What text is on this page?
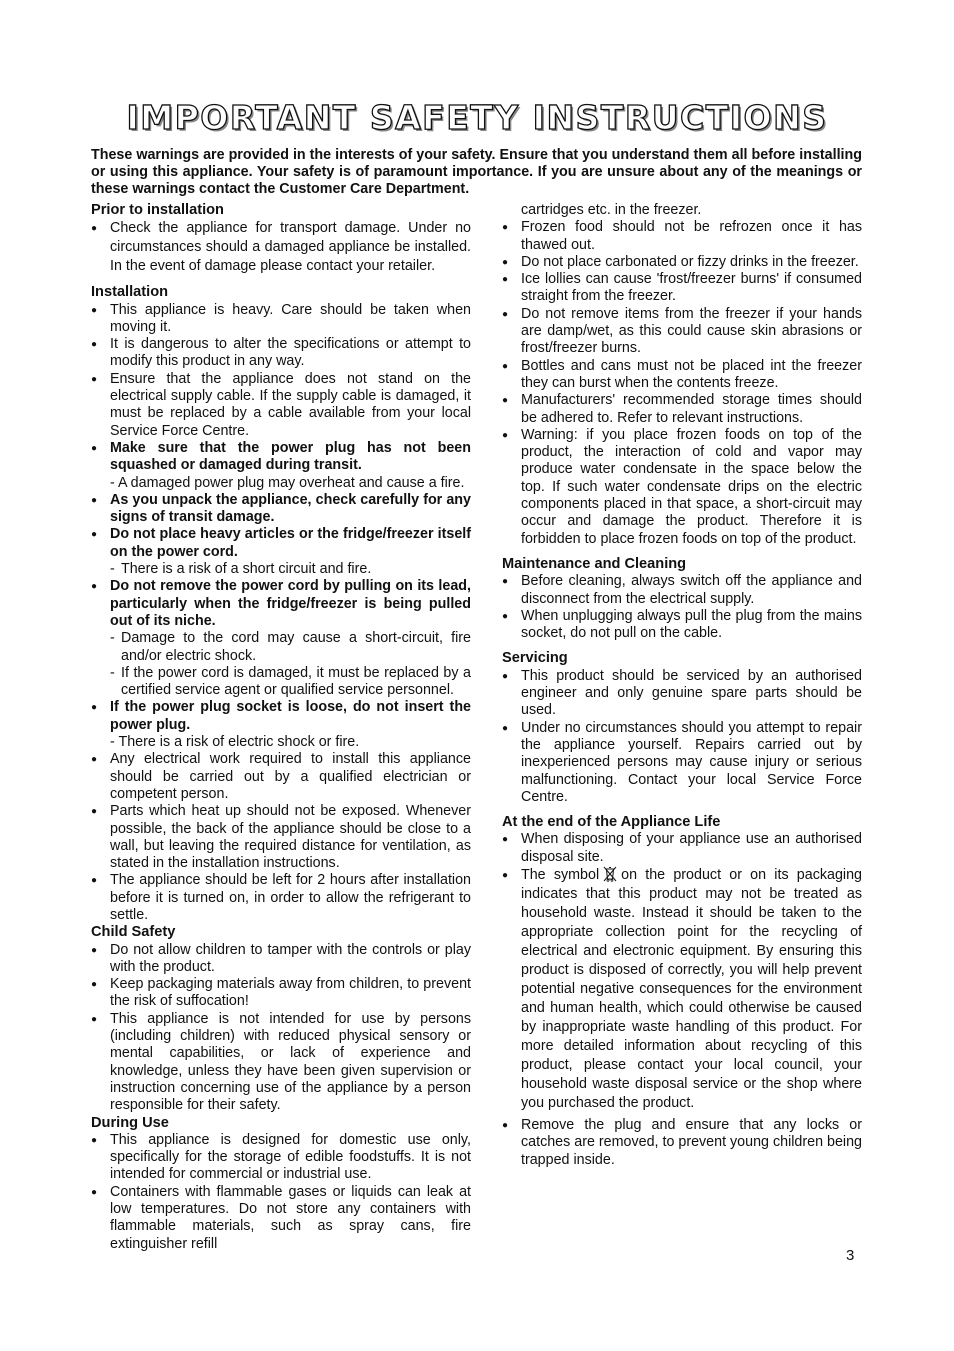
IMPORTANT SAFETY INSTRUCTIONS

These warnings are provided in the interests of your safety. Ensure that you understand them all before installing or using this appliance. Your safety is of paramount importance. If you are unsure about any of the meanings or these warnings contact the Customer Care Department.

Prior to installation

● Check the appliance for transport damage. Under no circumstances should a damaged appliance be installed. In the event of damage please contact your retailer.

Installation

● This appliance is heavy. Care should be taken when moving it.
● It is dangerous to alter the specifications or attempt to modify this product in any way.
● Ensure that the appliance does not stand on the electrical supply cable. If the supply cable is damaged, it must be replaced by a cable available from your local Service Force Centre.
● Make sure that the power plug has not been squashed or damaged during transit.
- A damaged power plug may overheat and cause a fire.
● As you unpack the appliance, check carefully for any signs of transit damage.
● Do not place heavy articles or the fridge/freezer itself on the power cord.
- There is a risk of a short circuit and fire.
● Do not remove the power cord by pulling on its lead, particularly when the fridge/freezer is being pulled out of its niche.
- Damage to the cord may cause a short-circuit, fire and/or electric shock.
- If the power cord is damaged, it must be replaced by a certified service agent or qualified service personnel.
● If the power plug socket is loose, do not insert the power plug.
- There is a risk of electric shock or fire.
● Any electrical work required to install this appliance should be carried out by a qualified electrician or competent person.
● Parts which heat up should not be exposed. Whenever possible, the back of the appliance should be close to a wall, but leaving the required distance for ventilation, as stated in the installation instructions.
● The appliance should be left for 2 hours after installation before it is turned on, in order to allow the refrigerant to settle.

Child Safety

● Do not allow children to tamper with the controls or play with the product.
● Keep packaging materials away from children, to prevent the risk of suffocation!
● This appliance is not intended for use by persons (including children) with reduced physical sensory or mental capabilities, or lack of experience and knowledge, unless they have been given supervision or instruction concerning use of the appliance by a person responsible for their safety.

During Use

● This appliance is designed for domestic use only, specifically for the storage of edible foodstuffs. It is not intended for commercial or industrial use.
● Containers with flammable gases or liquids can leak at low temperatures. Do not store any containers with flammable materials, such as spray cans, fire extinguisher refill

cartridges etc. in the freezer.

● Frozen food should not be refrozen once it has thawed out.
● Do not place carbonated or fizzy drinks in the freezer.
● Ice lollies can cause 'frost/freezer burns' if consumed straight from the freezer.
● Do not remove items from the freezer if your hands are damp/wet, as this could cause skin abrasions or frost/freezer burns.
● Bottles and cans must not be placed int the freezer they can burst when the contents freeze.
● Manufacturers' recommended storage times should be adhered to. Refer to relevant instructions.
● Warning: if you place frozen foods on top of the product, the interaction of cold and vapor may produce water condensate in the space below the top. If such water condensate drips on the electric components placed in that space, a short-circuit may occur and damage the product. Therefore it is forbidden to place frozen foods on top of the product.

Maintenance and Cleaning

● Before cleaning, always switch off the appliance and disconnect from the electrical supply.
● When unplugging always pull the plug from the mains socket, do not pull on the cable.

Servicing

● This product should be serviced by an authorised engineer and only genuine spare parts should be used.
● Under no circumstances should you attempt to repair the appliance yourself. Repairs carried out by inexperienced persons may cause injury or serious malfunctioning. Contact your local Service Force Centre.

At the end of the Appliance Life

● When disposing of your appliance use an authorised disposal site.
● The symbol on the product or on its packaging indicates that this product may not be treated as household waste. Instead it should be taken to the appropriate collection point for the recycling of electrical and electronic equipment. By ensuring this product is disposed of correctly, you will help prevent potential negative consequences for the environment and human health, which could otherwise be caused by inappropriate waste handling of this product. For more detailed information about recycling of this product, please contact your local council, your household waste disposal service or the shop where you purchased the product.
● Remove the plug and ensure that any locks or catches are removed, to prevent young children being trapped inside.
3
